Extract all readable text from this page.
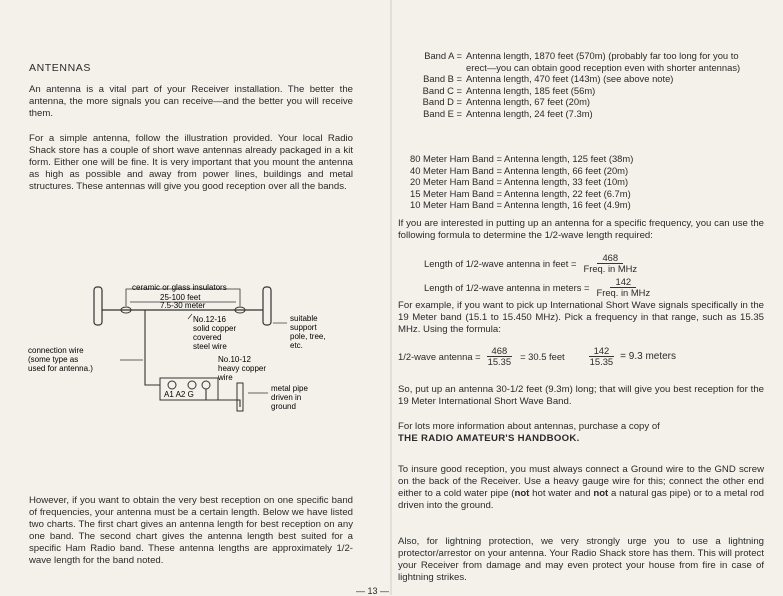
ANTENNAS

An antenna is a vital part of your Receiver installation. The better the antenna, the more signals you can receive—and the better you will receive them.

For a simple antenna, follow the illustration provided. Your local Radio Shack store has a couple of short wave antennas already packaged in a kit form. Either one will be fine. It is very important that you mount the antenna as high as possible and away from power lines, buildings and metal structures. These antennas will give you good reception over all the bands.

ceramic or glass insulators
25-100 feet
7.5-30 meter
No.12-16 solid copper covered steel wire
suitable support pole, tree, etc.
connection wire (some type as used for antenna.)
A1 A2 G
No.10-12 heavy copper wire
metal pipe driven in ground

However, if you want to obtain the very best reception on one specific band of frequencies, your antenna must be a certain length. Below we have listed two charts. The first chart gives an antenna length for best reception on any one band. The second chart gives the antenna length best suited for a specific Ham Radio band. These antenna lengths are approximately 1/2-wave length for the band noted.

— 13 —
Band A = Antenna length, 1870 feet (570m) (probably far too long for you to erect—you can obtain good reception even with shorter antennas)
Band B = Antenna length, 470 feet (143m) (see above note)
Band C = Antenna length, 185 feet (56m)
Band D = Antenna length, 67 feet (20m)
Band E = Antenna length, 24 feet (7.3m)
80 Meter Ham Band = Antenna length, 125 feet (38m)
40 Meter Ham Band = Antenna length, 66 feet (20m)
20 Meter Ham Band = Antenna length, 33 feet (10m)
15 Meter Ham Band = Antenna length, 22 feet (6.7m)
10 Meter Ham Band = Antenna length, 16 feet (4.9m)

If you are interested in putting up an antenna for a specific frequency, you can use the following formula to determine the 1/2-wave length required:

Length of 1/2-wave antenna in feet = $\frac{468}{\text{Freq. in MHz}}$
Length of 1/2-wave antenna in meters = $\frac{142}{\text{Freq. in MHz}}$

For example, if you want to pick up International Short Wave signals specifically in the 19 Meter band (15.1 to 15.450 MHz). Pick a frequency in that range, such as 15.35 MHz. Using the formula:

1/2-wave antenna = $\frac{468}{15.35} = 30.5$ feet $\frac{142}{15.35} = 9.3$ meters

So, put up an antenna 30-1/2 feet (9.3m) long; that will give you best reception for the 19 Meter International Short Wave Band.

For lots more information about antennas, purchase a copy of
THE RADIO AMATEUR'S HANDBOOK.

To insure good reception, you must always connect a Ground wire to the GND screw on the back of the Receiver. Use a heavy gauge wire for this; connect the other end either to a cold water pipe (not hot water and not a natural gas pipe) or to a metal rod driven into the ground.

Also, for lightning protection, we very strongly urge you to use a lightning protector/arrestor on your antenna. Your Radio Shack store has them. This will protect your Receiver from damage and may even protect your house from fire in case of lightning strikes.
